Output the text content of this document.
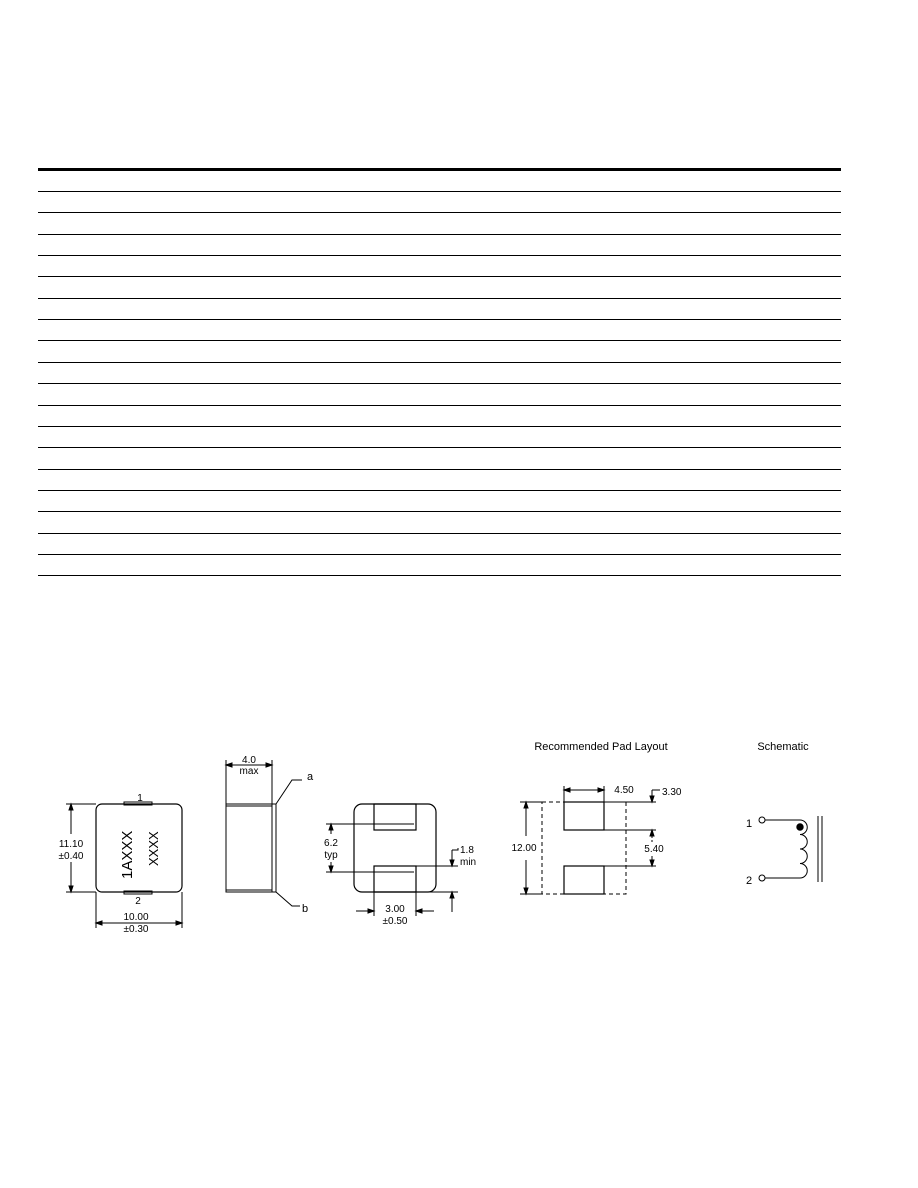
1
2
1AXXX XXXX
11.10
±0.40
10.00
±0.30
4.0
max	a
b
6.2
typ	1.8
min
3.00
±0.50
Recommended Pad Layout
4.50	3.30
5.40
12.00
Schematic
1
2
